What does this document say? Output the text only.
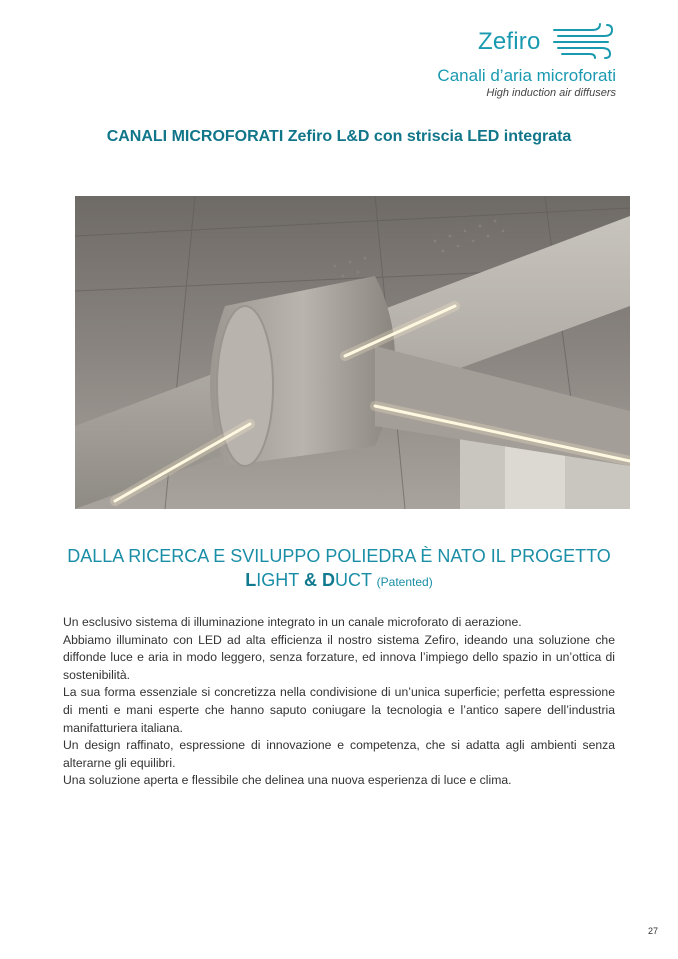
Zefiro
Canali d’aria microforati
High induction air diffusers
CANALI MICROFORATI Zefiro L&D con striscia LED integrata
DALLA RICERCA E SVILUPPO POLIEDRA È NATO IL PROGETTO
LIGHT & DUCT (Patented)

Un esclusivo sistema di illuminazione integrato in un canale microforato di aerazione.

Abbiamo illuminato con LED ad alta efficienza il nostro sistema Zefiro, ideando una soluzione che diffonde luce e aria in modo leggero, senza forzature, ed innova l’impiego dello spazio in un’ottica di sostenibilità.

La sua forma essenziale si concretizza nella condivisione di un’unica superficie; perfetta espressione di menti e mani esperte che hanno saputo coniugare la tecnologia e l’antico sapere dell’industria manifatturiera italiana.

Un design raffinato, espressione di innovazione e competenza, che si adatta agli ambienti senza alterarne gli equilibri.

Una soluzione aperta e flessibile che delinea una nuova esperienza di luce e clima.

27
